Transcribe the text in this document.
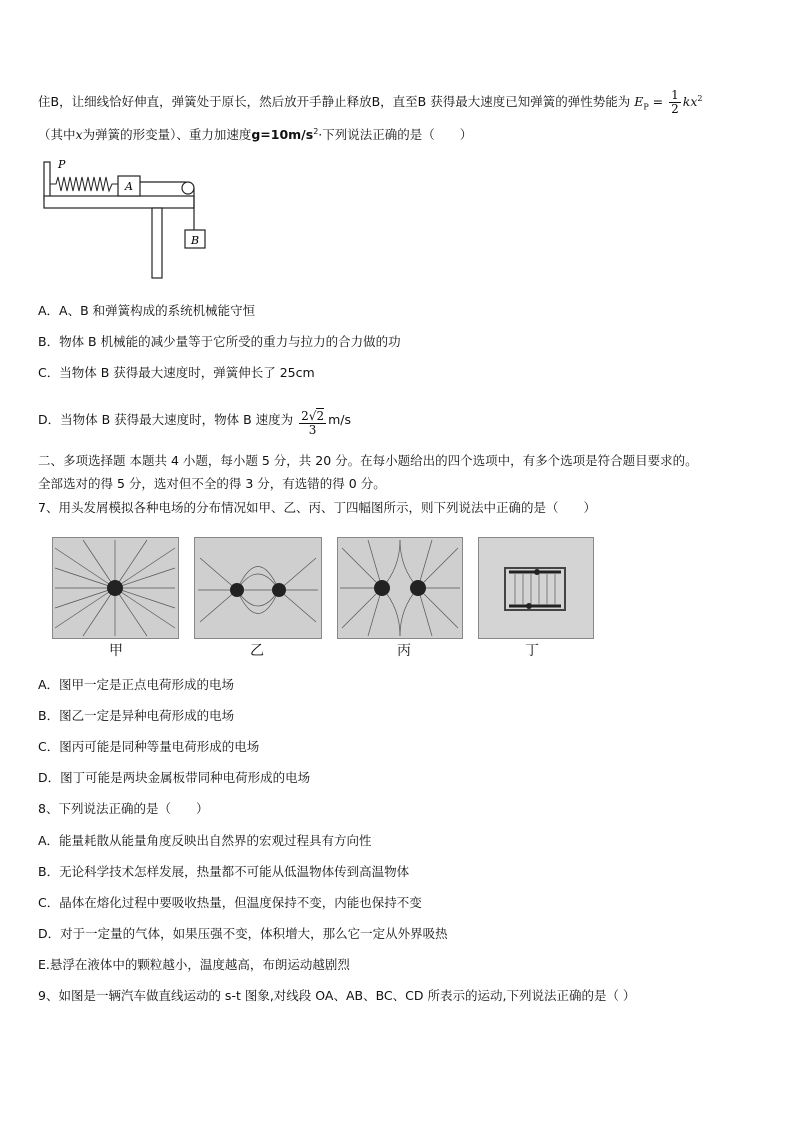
住B，让细线恰好伸直，弹簧处于原长，然后放开手静止释放B，直至B 获得最大速度已知弹簧的弹性势能为 $E_P = \frac{1}{2} kx^2$
（其中x为弹簧的形变量）、重力加速度$g=10m/s^2\cdot$下列说法正确的是（　　）
P
A
B
A．A、B 和弹簧构成的系统机械能守恒
B．物体 B 机械能的减少量等于它所受的重力与拉力的合力做的功
C．当物体 B 获得最大速度时，弹簧伸长了 25cm
D．当物体 B 获得最大速度时，物体 B 速度为 $\frac{2√2}{3} m/s$
二、多项选择题 本题共 4 小题，每小题 5 分，共 20 分。在每小题给出的四个选项中，有多个选项是符合题目要求的。
全部选对的得 5 分，选对但不全的得 3 分，有选错的得 0 分。
7、用头发屑模拟各种电场的分布情况如甲、乙、丙、丁四幅图所示，则下列说法中正确的是（　　）
甲	乙	丙	丁
A．图甲一定是正点电荷形成的电场
B．图乙一定是异种电荷形成的电场
C．图丙可能是同种等量电荷形成的电场
D．图丁可能是两块金属板带同种电荷形成的电场
8、下列说法正确的是（　　）
A．能量耗散从能量角度反映出自然界的宏观过程具有方向性
B．无论科学技术怎样发展，热量都不可能从低温物体传到高温物体
C．晶体在熔化过程中要吸收热量，但温度保持不变，内能也保持不变
D．对于一定量的气体，如果压强不变，体积增大，那么它一定从外界吸热
E.悬浮在液体中的颗粒越小，温度越高，布朗运动越剧烈
9、如图是一辆汽车做直线运动的 s-t 图象,对线段 OA、AB、BC、CD 所表示的运动,下列说法正确的是（ ）
